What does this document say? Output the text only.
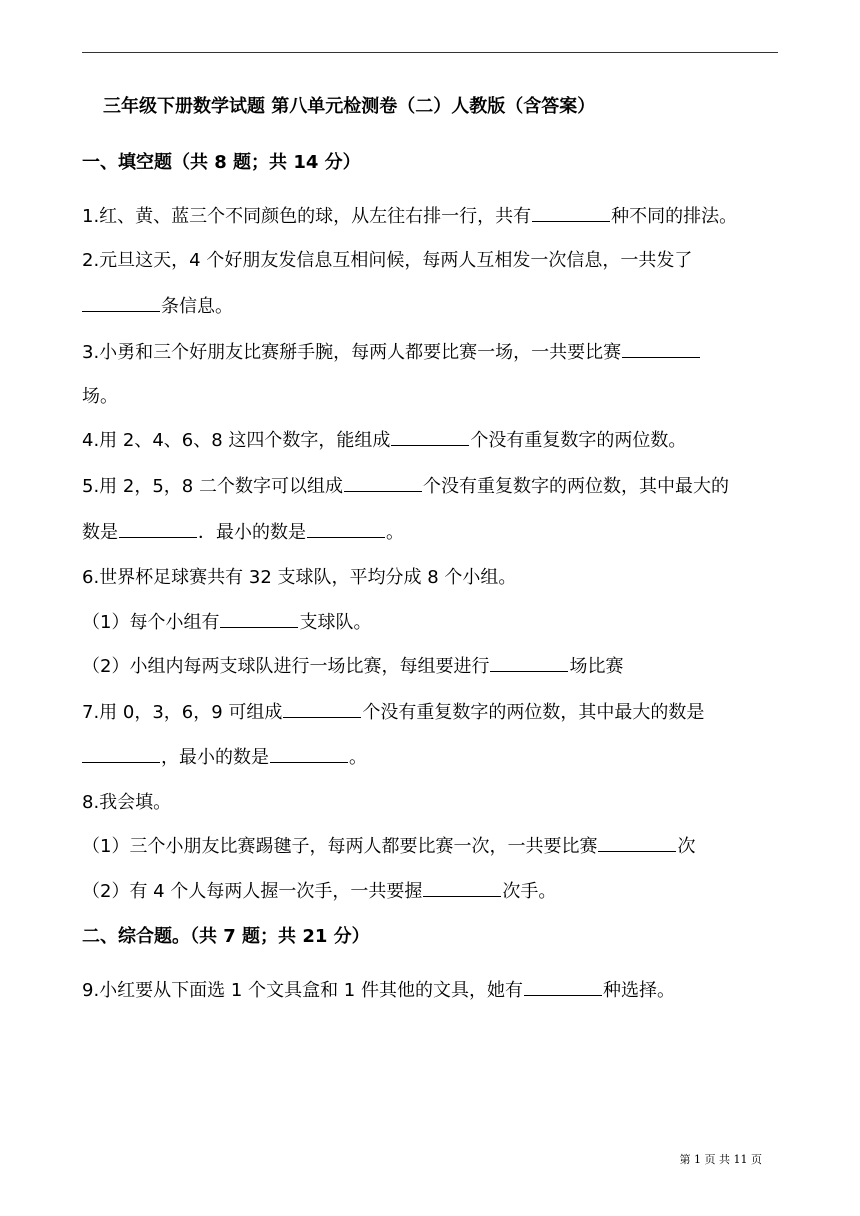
三年级下册数学试题 第八单元检测卷（二）人教版（含答案）
一、填空题（共 8 题；共 14 分）
1.红、黄、蓝三个不同颜色的球，从左往右排一行，共有	种不同的排法。
2.元旦这天，4 个好朋友发信息互相问候，每两人互相发一次信息，一共发了
条信息。
3.小勇和三个好朋友比赛掰手腕，每两人都要比赛一场，一共要比赛
场。
4.用 2、4、6、8 这四个数字，能组成	个没有重复数字的两位数。
5.用 2，5，8 二个数字可以组成	个没有重复数字的两位数，其中最大的
数是	．最小的数是	。
6.世界杯足球赛共有 32 支球队，平均分成 8 个小组。
（1）每个小组有	支球队。
（2）小组内每两支球队进行一场比赛，每组要进行	场比赛
7.用 0，3，6，9 可组成	个没有重复数字的两位数，其中最大的数是
，最小的数是	。
8.我会填。
（1）三个小朋友比赛踢毽子，每两人都要比赛一次，一共要比赛	次
（2）有 4 个人每两人握一次手，一共要握	次手。
二、综合题。（共 7 题；共 21 分）
9.小红要从下面选 1 个文具盒和 1 件其他的文具，她有	种选择。
第 1 页 共 11 页
